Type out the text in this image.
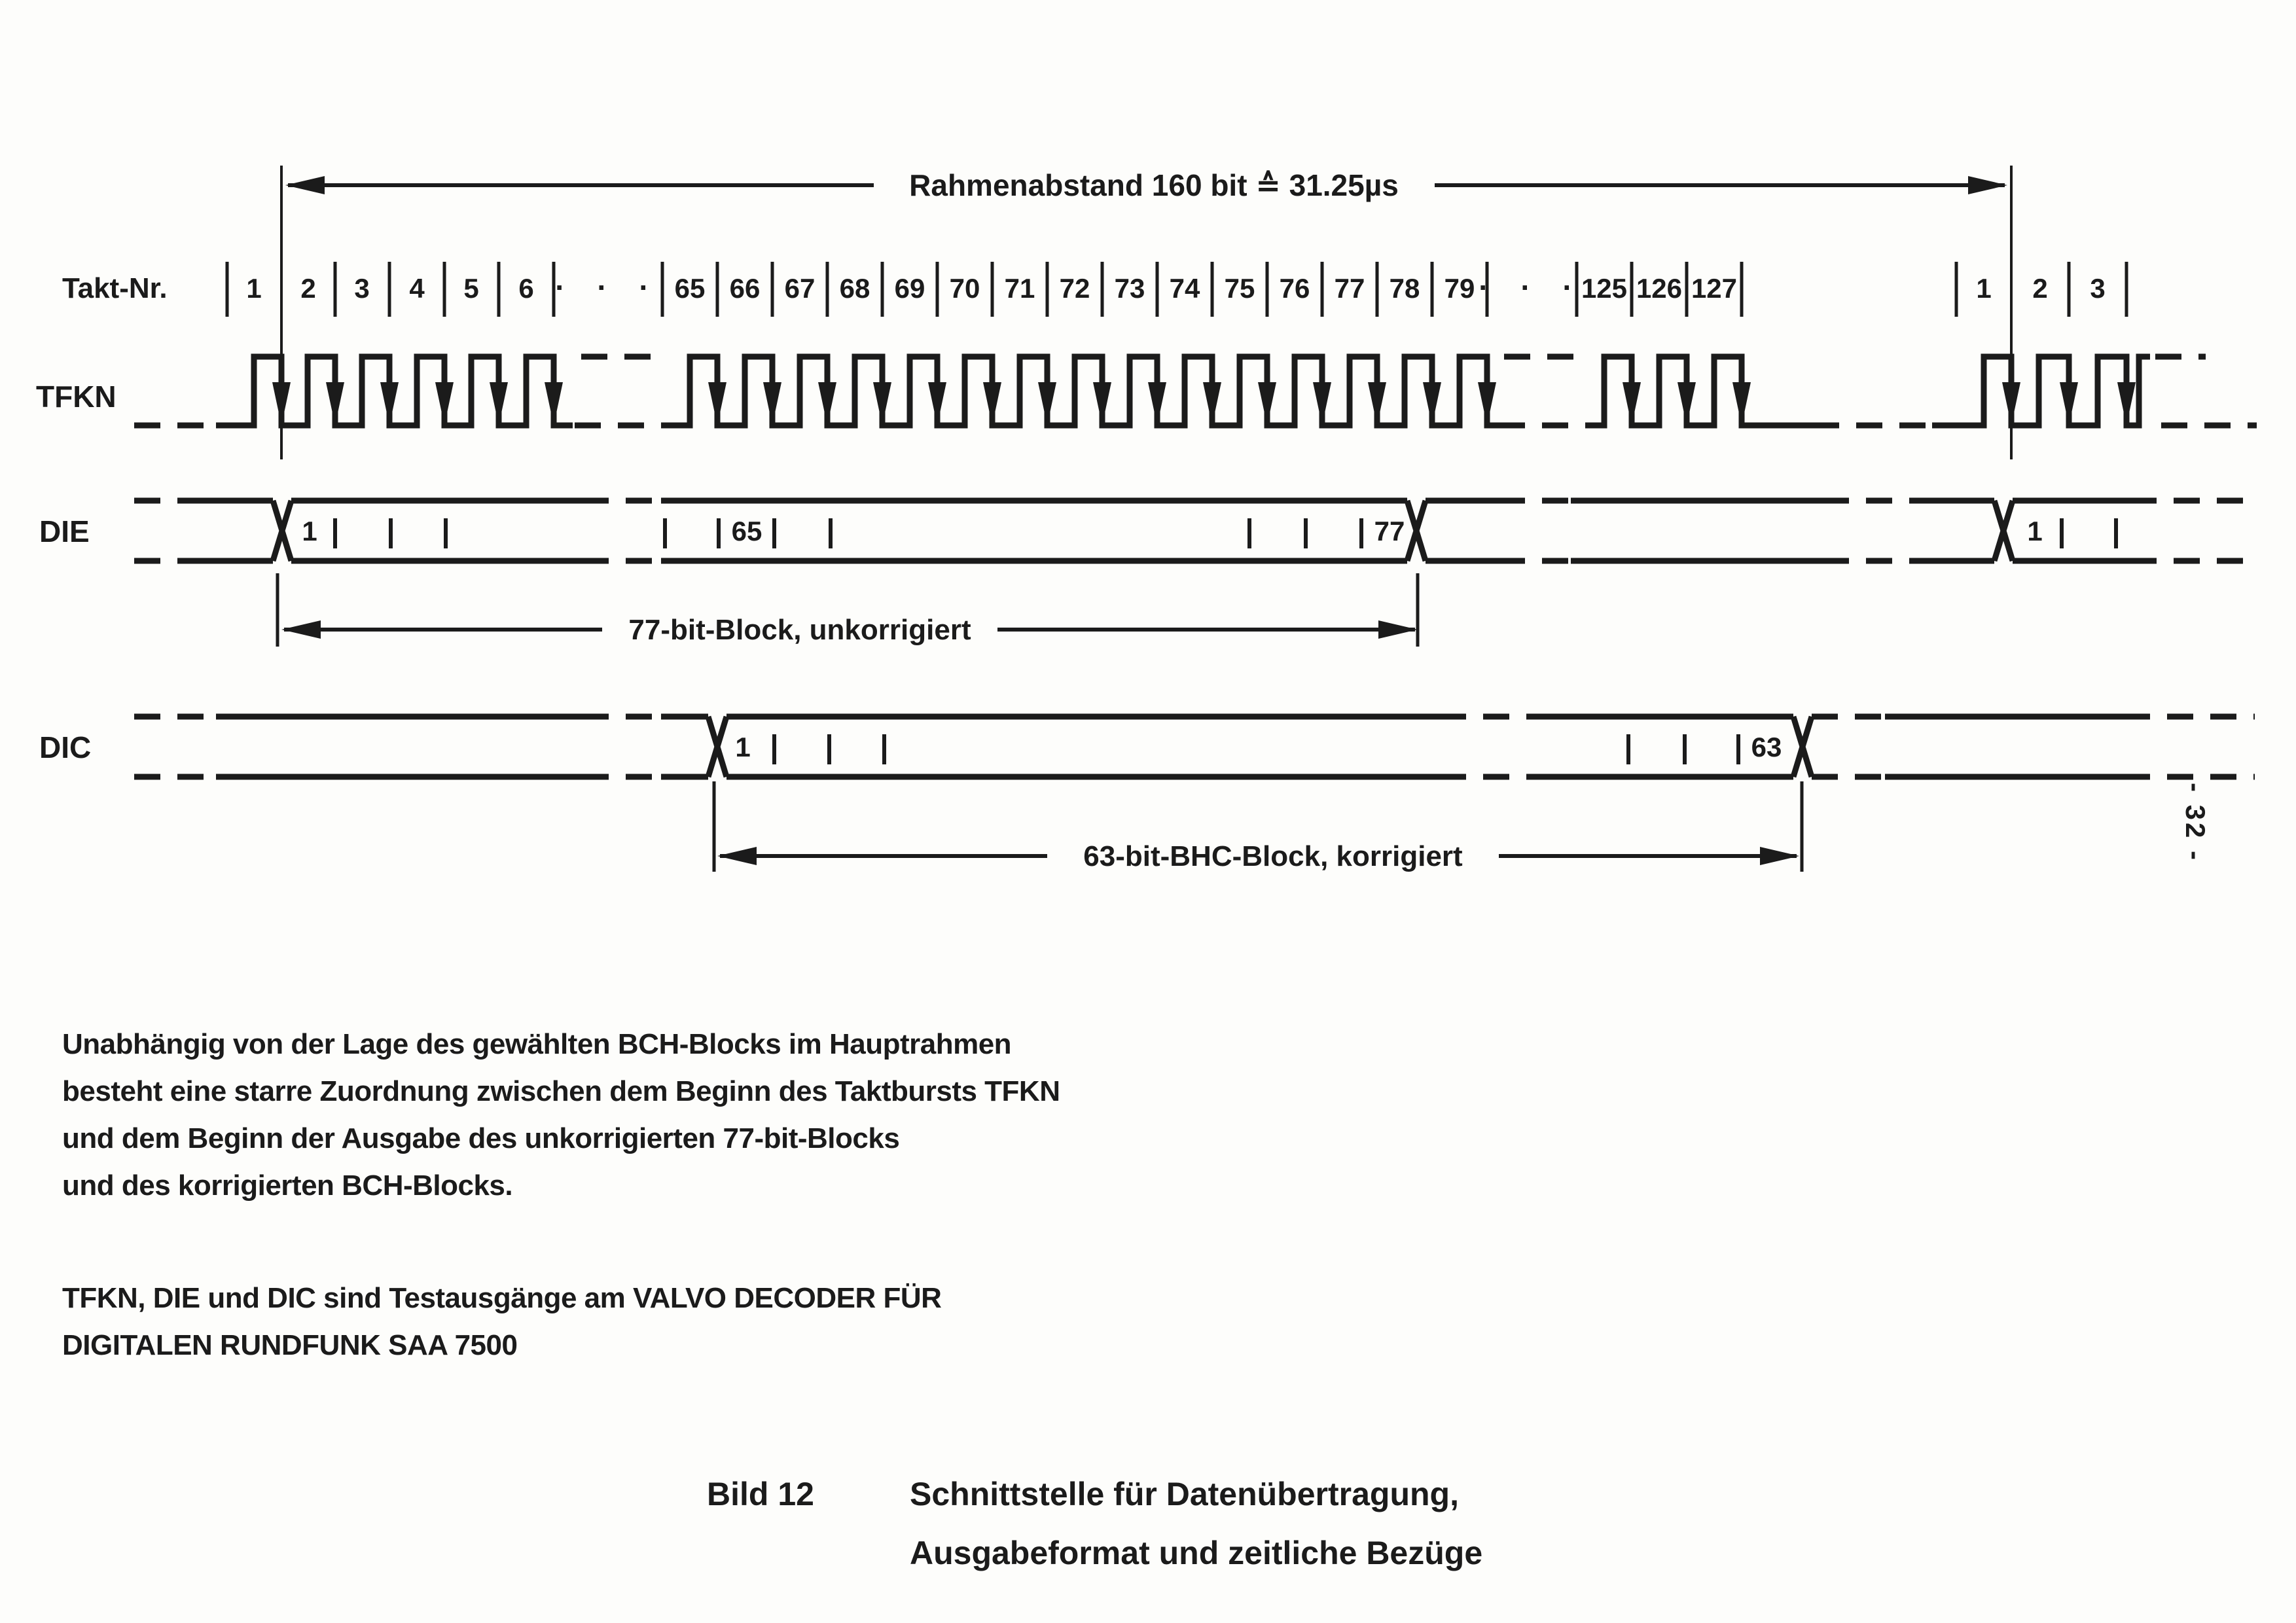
Rahmenabstand 160 bit ≙ 31.25µs
Takt-Nr.	1 2 3 4 5 6 · · · 65 66 67 68 69 70 71 72 73 74 75 76 77 78 79 · · ·
125 126 127	1 2 3
TFKN
DIE	1	65	77	1
77-bit-Block, unkorrigiert
DIC	1	63
63-bit-BHC-Block, korrigiert
Unabhängig von der Lage des gewählten BCH-Blocks im Hauptrahmen
besteht eine starre Zuordnung zwischen dem Beginn des Taktbursts TFKN
und dem Beginn der Ausgabe des unkorrigierten 77-bit-Blocks
und des korrigierten BCH-Blocks.
TFKN, DIE und DIC sind Testausgänge am VALVO DECODER FÜR
DIGITALEN RUNDFUNK SAA 7500
Bild 12	Schnittstelle für Datenübertragung,
Ausgabeformat und zeitliche Bezüge
- 32 -
